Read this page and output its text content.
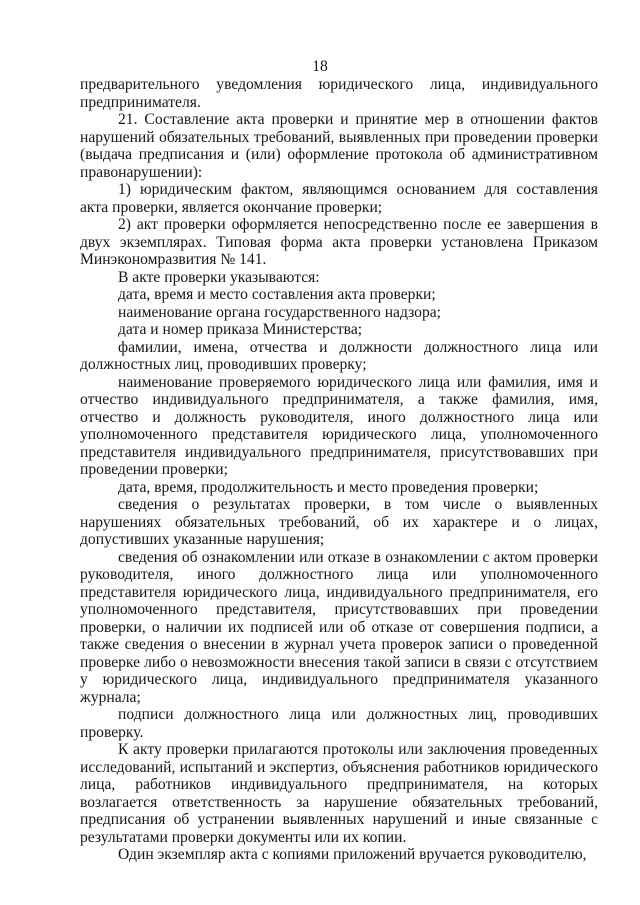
18

предварительного уведомления юридического лица, индивидуального предпринимателя.

21. Составление акта проверки и принятие мер в отношении фактов нарушений обязательных требований, выявленных при проведении проверки (выдача предписания и (или) оформление протокола об административном правонарушении):

1) юридическим фактом, являющимся основанием для составления акта проверки, является окончание проверки;

2) акт проверки оформляется непосредственно после ее завершения в двух экземплярах. Типовая форма акта проверки установлена Приказом Минэкономразвития № 141.

В акте проверки указываются:

дата, время и место составления акта проверки;

наименование органа государственного надзора;

дата и номер приказа Министерства;

фамилии, имена, отчества и должности должностного лица или должностных лиц, проводивших проверку;

наименование проверяемого юридического лица или фамилия, имя и отчество индивидуального предпринимателя, а также фамилия, имя, отчество и должность руководителя, иного должностного лица или уполномоченного представителя юридического лица, уполномоченного представителя индивидуального предпринимателя, присутствовавших при проведении проверки;

дата, время, продолжительность и место проведения проверки;

сведения о результатах проверки, в том числе о выявленных нарушениях обязательных требований, об их характере и о лицах, допустивших указанные нарушения;

сведения об ознакомлении или отказе в ознакомлении с актом проверки руководителя, иного должностного лица или уполномоченного представителя юридического лица, индивидуального предпринимателя, его уполномоченного представителя, присутствовавших при проведении проверки, о наличии их подписей или об отказе от совершения подписи, а также сведения о внесении в журнал учета проверок записи о проведенной проверке либо о невозможности внесения такой записи в связи с отсутствием у юридического лица, индивидуального предпринимателя указанного журнала;

подписи должностного лица или должностных лиц, проводивших проверку.

К акту проверки прилагаются протоколы или заключения проведенных исследований, испытаний и экспертиз, объяснения работников юридического лица, работников индивидуального предпринимателя, на которых возлагается ответственность за нарушение обязательных требований, предписания об устранении выявленных нарушений и иные связанные с результатами проверки документы или их копии.

Один экземпляр акта с копиями приложений вручается руководителю,
